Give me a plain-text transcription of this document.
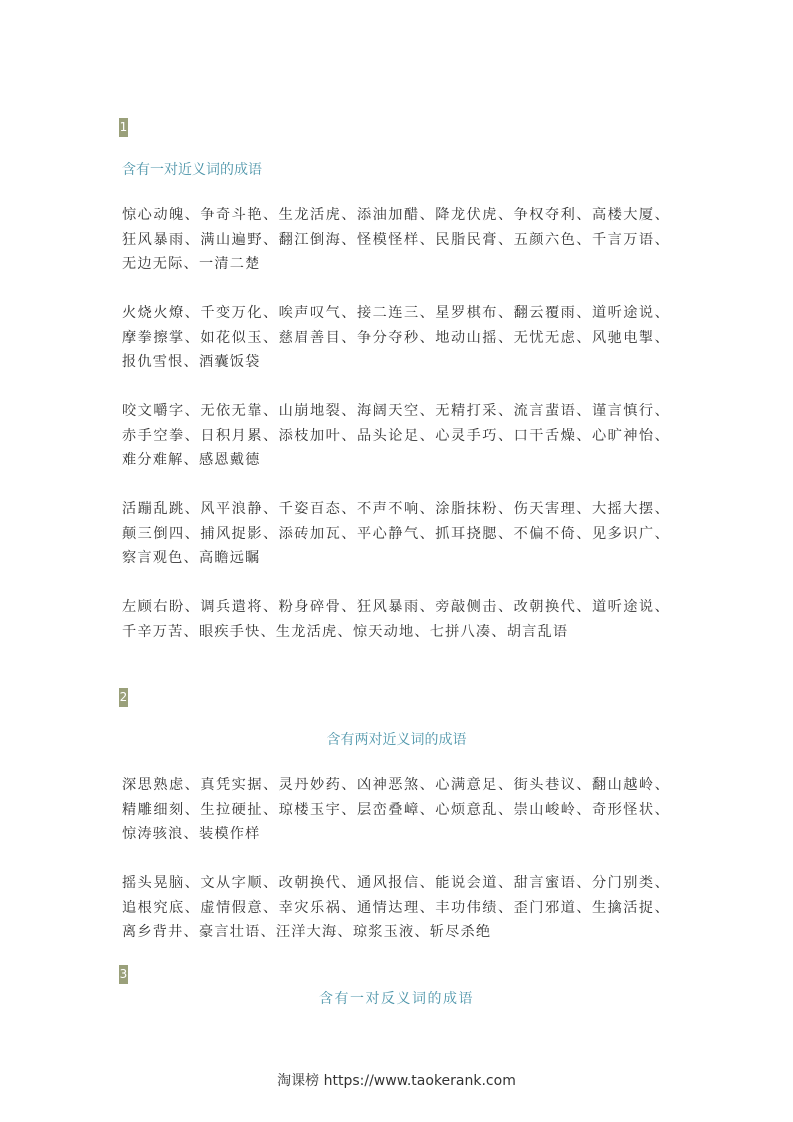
1
含有一对近义词的成语
惊心动魄、争奇斗艳、生龙活虎、添油加醋、降龙伏虎、争权夺利、高楼大厦、狂风暴雨、满山遍野、翻江倒海、怪模怪样、民脂民膏、五颜六色、千言万语、无边无际、一清二楚
火烧火燎、千变万化、唉声叹气、接二连三、星罗棋布、翻云覆雨、道听途说、摩拳擦掌、如花似玉、慈眉善目、争分夺秒、地动山摇、无忧无虑、风驰电掣、报仇雪恨、酒囊饭袋
咬文嚼字、无依无靠、山崩地裂、海阔天空、无精打采、流言蜚语、谨言慎行、赤手空拳、日积月累、添枝加叶、品头论足、心灵手巧、口干舌燥、心旷神怡、难分难解、感恩戴德
活蹦乱跳、风平浪静、千姿百态、不声不响、涂脂抹粉、伤天害理、大摇大摆、颠三倒四、捕风捉影、添砖加瓦、平心静气、抓耳挠腮、不偏不倚、见多识广、察言观色、高瞻远瞩
左顾右盼、调兵遣将、粉身碎骨、狂风暴雨、旁敲侧击、改朝换代、道听途说、千辛万苦、眼疾手快、生龙活虎、惊天动地、七拼八凑、胡言乱语
2
含有两对近义词的成语
深思熟虑、真凭实据、灵丹妙药、凶神恶煞、心满意足、街头巷议、翻山越岭、精雕细刻、生拉硬扯、琼楼玉宇、层峦叠嶂、心烦意乱、崇山峻岭、奇形怪状、惊涛骇浪、装模作样
摇头晃脑、文从字顺、改朝换代、通风报信、能说会道、甜言蜜语、分门别类、追根究底、虚情假意、幸灾乐祸、通情达理、丰功伟绩、歪门邪道、生擒活捉、离乡背井、豪言壮语、汪洋大海、琼浆玉液、斩尽杀绝
3
含有一对反义词的成语
淘课榜 https://www.taokerank.com
